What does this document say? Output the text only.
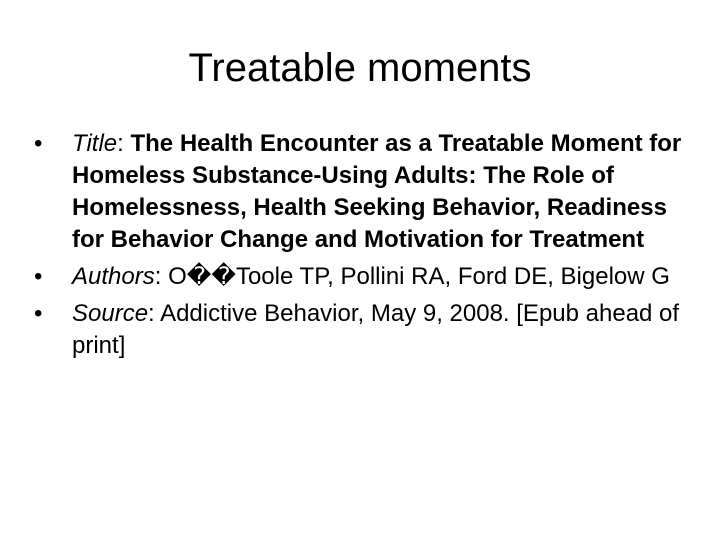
Treatable moments
•	Title: The Health Encounter as a Treatable Moment for Homeless Substance-Using Adults: The Role of Homelessness, Health Seeking Behavior, Readiness for Behavior Change and Motivation for Treatment
•	Authors: O��Toole TP, Pollini RA, Ford DE, Bigelow G
•	Source: Addictive Behavior, May 9, 2008. [Epub ahead of print]
